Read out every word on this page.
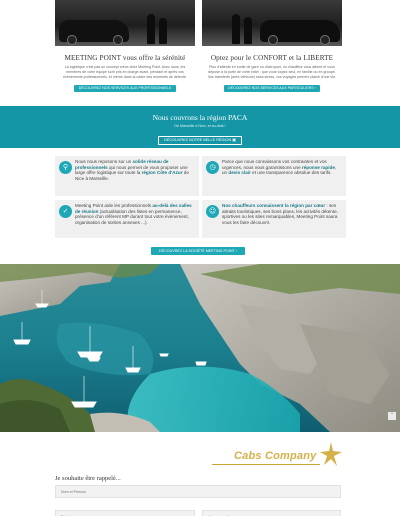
MEETING POINT vous offre la sérénité

La logistique n'est pas un concept creux chez Meeting Point. Avec nous, les membres de votre équipe sont pris en charge avant, pendant et après vos évènements professionnels, et même dans la cadre des moments de détente.

DÉCOUVREZ NOS SERVICES AUX PROFESSIONNELS ›
Optez pour le CONFORT et la LIBERTE

Plus d'attente en sortie de gare ou d'aéroport, un chauffeur vous attend et vous dépose à la porte de votre hôtel ; que vous voyiez seul, en famille ou en groupe. Vos transferts (avec véhicule) sans stress, vos voyages prendre plaisir d'une vie.

DÉCOUVREZ NOS SERVICES AUX PARTICULIERS ›
Nous couvrons la région PACA
De Marseille à Nice, et au-delà !
DÉCOUVREZ NOTRE BELLE RÉGION ▣
⚲

Nous nous reposons sur un solide réseau de professionnels qui nous permet de vous proposer une large offre logistique sur toute la région Côte d'Azur de Nice à Marseille.

◷

Parce que nous connaissons vos contraintes et vos urgences, nous vous garantissons une réponse rapide, un devis clair et une transparence absolue des tarifs.

✓

Meeting Point aide les professionnels au-delà des salles de réunion (actualisation des listes en permanence, présence d'un référent MP durant tout votre évènement, organisation de sorties annexes ...).

☺

Nos chauffeurs connaissent la région par cœur : ses attraits touristiques, ses bons plans, les activités détente, sportives ou les sites remarquables, Meeting Point saura vous les faire découvrir.

DÉCOUVREZ LA SOCIÉTÉ MEETING POINT ›
˄
Cabs Company
Je souhaite être rappelé...
Nom et Prénom
Téléphone
Adresse mail
